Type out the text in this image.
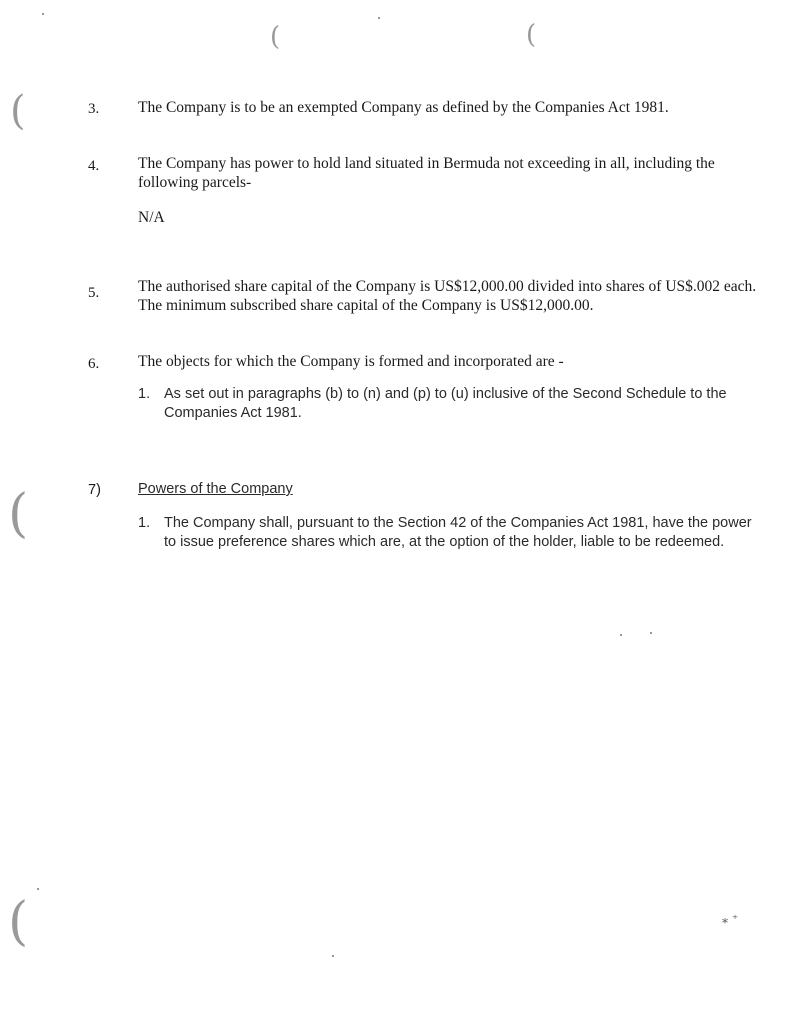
(	(
(
(
(	⁎ ⁺
3.	The Company is to be an exempted Company as defined by the Companies Act 1981.
4.	The Company has power to hold land situated in Bermuda not exceeding in all, including the following parcels-
N/A
5.	The authorised share capital of the Company is US$12,000.00 divided into shares of US$.002 each. The minimum subscribed share capital of the Company is US$12,000.00.
6.	The objects for which the Company is formed and incorporated are -
1. As set out in paragraphs (b) to (n) and (p) to (u) inclusive of the Second Schedule to the Companies Act 1981.
7)	Powers of the Company
1. The Company shall, pursuant to the Section 42 of the Companies Act 1981, have the power to issue preference shares which are, at the option of the holder, liable to be redeemed.
